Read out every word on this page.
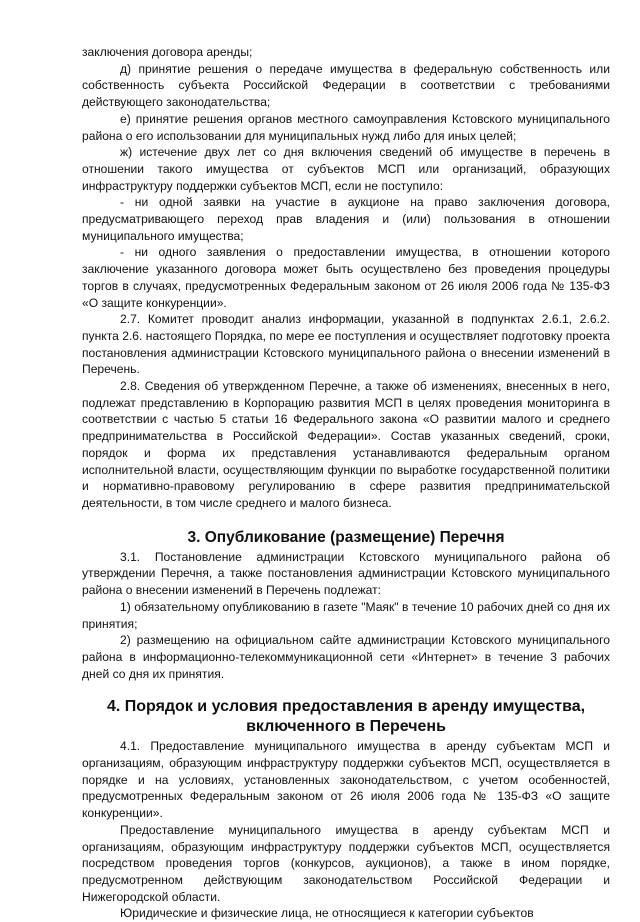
заключения договора аренды;

д) принятие решения о передаче имущества в федеральную собственность или собственность субъекта Российской Федерации в соответствии с требованиями действующего законодательства;

е) принятие решения органов местного самоуправления Кстовского муниципального района о его использовании для муниципальных нужд либо для иных целей;

ж) истечение двух лет со дня включения сведений об имуществе в перечень в отношении такого имущества от субъектов МСП или организаций, образующих инфраструктуру поддержки субъектов МСП, если не поступило:

- ни одной заявки на участие в аукционе на право заключения договора, предусматривающего переход прав владения и (или) пользования в отношении муниципального имущества;

- ни одного заявления о предоставлении имущества, в отношении которого заключение указанного договора может быть осуществлено без проведения процедуры торгов в случаях, предусмотренных Федеральным законом от 26 июля 2006 года № 135-ФЗ «О защите конкуренции».

2.7. Комитет проводит анализ информации, указанной в подпунктах 2.6.1, 2.6.2. пункта 2.6. настоящего Порядка, по мере ее поступления и осуществляет подготовку проекта постановления администрации Кстовского муниципального района о внесении изменений в Перечень.

2.8. Сведения об утвержденном Перечне, а также об изменениях, внесенных в него, подлежат представлению в Корпорацию развития МСП в целях проведения мониторинга в соответствии с частью 5 статьи 16 Федерального закона «О развитии малого и среднего предпринимательства в Российской Федерации». Состав указанных сведений, сроки, порядок и форма их представления устанавливаются федеральным органом исполнительной власти, осуществляющим функции по выработке государственной политики и нормативно-правовому регулированию в сфере развития предпринимательской деятельности, в том числе среднего и малого бизнеса.

3. Опубликование (размещение) Перечня

3.1. Постановление администрации Кстовского муниципального района об утверждении Перечня, а также постановления администрации Кстовского муниципального района о внесении изменений в Перечень подлежат:

1) обязательному опубликованию в газете "Маяк" в течение 10 рабочих дней со дня их принятия;

2) размещению на официальном сайте администрации Кстовского муниципального района в информационно-телекоммуникационной сети «Интернет» в течение 3 рабочих дней со дня их принятия.

4. Порядок и условия предоставления в аренду имущества, включенного в Перечень

4.1. Предоставление муниципального имущества в аренду субъектам МСП и организациям, образующим инфраструктуру поддержки субъектов МСП, осуществляется в порядке и на условиях, установленных законодательством, с учетом особенностей, предусмотренных Федеральным законом от 26 июля 2006 года № 135-ФЗ «О защите конкуренции».

Предоставление муниципального имущества в аренду субъектам МСП и организациям, образующим инфраструктуру поддержки субъектов МСП, осуществляется посредством проведения торгов (конкурсов, аукционов), а также в ином порядке, предусмотренном действующим законодательством Российской Федерации и Нижегородской области.

Юридические и физические лица, не относящиеся к категории субъектов
